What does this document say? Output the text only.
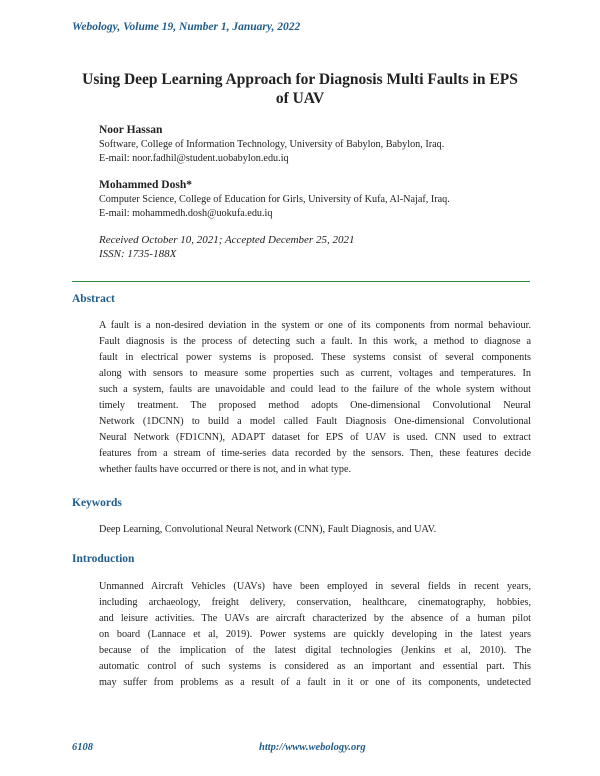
Webology, Volume 19, Number 1, January, 2022
Using Deep Learning Approach for Diagnosis Multi Faults in EPS
of UAV
Noor Hassan
Software, College of Information Technology, University of Babylon, Babylon, Iraq.
E-mail: noor.fadhil@student.uobabylon.edu.iq
Mohammed Dosh*
Computer Science, College of Education for Girls, University of Kufa, Al-Najaf, Iraq.
E-mail: mohammedh.dosh@uokufa.edu.iq
Received October 10, 2021; Accepted December 25, 2021
ISSN: 1735-188X
Abstract
A fault is a non-desired deviation in the system or one of its components from normal behaviour.
Fault diagnosis is the process of detecting such a fault. In this work, a method to diagnose a
fault in electrical power systems is proposed. These systems consist of several components
along with sensors to measure some properties such as current, voltages and temperatures. In
such a system, faults are unavoidable and could lead to the failure of the whole system without
timely treatment. The proposed method adopts One-dimensional Convolutional Neural
Network (1DCNN) to build a model called Fault Diagnosis One-dimensional Convolutional
Neural Network (FD1CNN), ADAPT dataset for EPS of UAV is used. CNN used to extract
features from a stream of time-series data recorded by the sensors. Then, these features decide
whether faults have occurred or there is not, and in what type.
Keywords
Deep Learning, Convolutional Neural Network (CNN), Fault Diagnosis, and UAV.
Introduction
Unmanned Aircraft Vehicles (UAVs) have been employed in several fields in recent years,
including archaeology, freight delivery, conservation, healthcare, cinematography, hobbies,
and leisure activities. The UAVs are aircraft characterized by the absence of a human pilot
on board (Lannace et al, 2019). Power systems are quickly developing in the latest years
because of the implication of the latest digital technologies (Jenkins et al, 2010). The
automatic control of such systems is considered as an important and essential part. This
may suffer from problems as a result of a fault in it or one of its components, undetected
6108	http://www.webology.org
